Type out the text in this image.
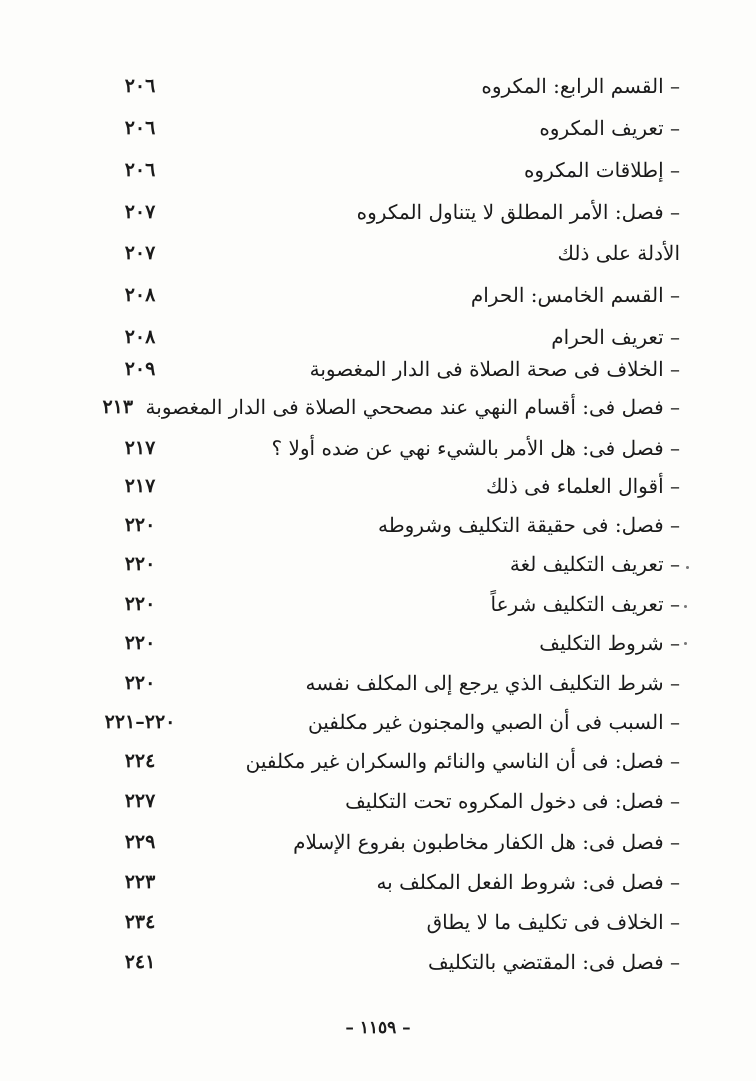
٢٠٦	– القسم الرابع: المكروه
٢٠٦	– تعريف المكروه
٢٠٦	– إطلاقات المكروه
٢٠٧	– فصل: الأمر المطلق لا يتناول المكروه
٢٠٧	الأدلة على ذلك
٢٠٨	– القسم الخامس: الحرام
٢٠٨	– تعريف الحرام
٢٠٩	– الخلاف فى صحة الصلاة فى الدار المغصوبة
٢١٣ – فصل فى: أقسام النهي عند مصححي الصلاة فى الدار المغصوبة
٢١٧	– فصل فى: هل الأمر بالشيء نهي عن ضده أولا ؟
٢١٧	– أقوال العلماء فى ذلك
٢٢٠	– فصل: فى حقيقة التكليف وشروطه
٢٢٠	– تعريف التكليف لغة
٢٢٠	– تعريف التكليف شرعاً
٢٢٠	– شروط التكليف
٢٢٠	– شرط التكليف الذي يرجع إلى المكلف نفسه
٢٢٠–٢٢١	– السبب فى أن الصبي والمجنون غير مكلفين
٢٢٤	– فصل: فى أن الناسي والنائم والسكران غير مكلفين
٢٢٧	– فصل: فى دخول المكروه تحت التكليف
٢٢٩	– فصل فى: هل الكفار مخاطبون بفروع الإسلام
٢٢٣	– فصل فى: شروط الفعل المكلف به
٢٣٤	– الخلاف فى تكليف ما لا يطاق
٢٤١	– فصل فى: المقتضي بالتكليف
– ١١٥٩ –
